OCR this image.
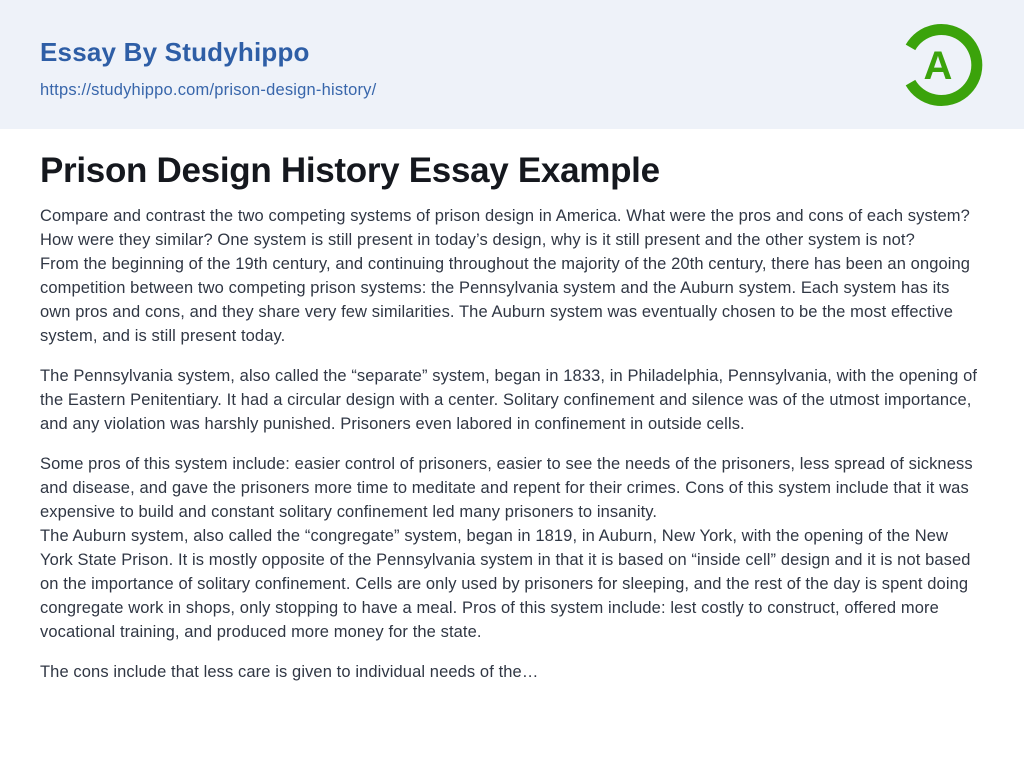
Essay By Studyhippo
https://studyhippo.com/prison-design-history/
A
Prison Design History Essay Example

Compare and contrast the two competing systems of prison design in America. What were the pros and cons of each system? How were they similar? One system is still present in today’s design, why is it still present and the other system is not?

From the beginning of the 19th century, and continuing throughout the majority of the 20th century, there has been an ongoing competition between two competing prison systems: the Pennsylvania system and the Auburn system. Each system has its own pros and cons, and they share very few similarities. The Auburn system was eventually chosen to be the most effective system, and is still present today.

The Pennsylvania system, also called the “separate” system, began in 1833, in Philadelphia, Pennsylvania, with the opening of the Eastern Penitentiary. It had a circular design with a center. Solitary confinement and silence was of the utmost importance, and any violation was harshly punished. Prisoners even labored in confinement in outside cells.

Some pros of this system include: easier control of prisoners, easier to see the needs of the prisoners, less spread of sickness and disease, and gave the prisoners more time to meditate and repent for their crimes. Cons of this system include that it was expensive to build and constant solitary confinement led many prisoners to insanity.

The Auburn system, also called the “congregate” system, began in 1819, in Auburn, New York, with the opening of the New York State Prison. It is mostly opposite of the Pennsylvania system in that it is based on “inside cell” design and it is not based on the importance of solitary confinement. Cells are only used by prisoners for sleeping, and the rest of the day is spent doing congregate work in shops, only stopping to have a meal. Pros of this system include: lest costly to construct, offered more vocational training, and produced more money for the state.

The cons include that less care is given to individual needs of the…
